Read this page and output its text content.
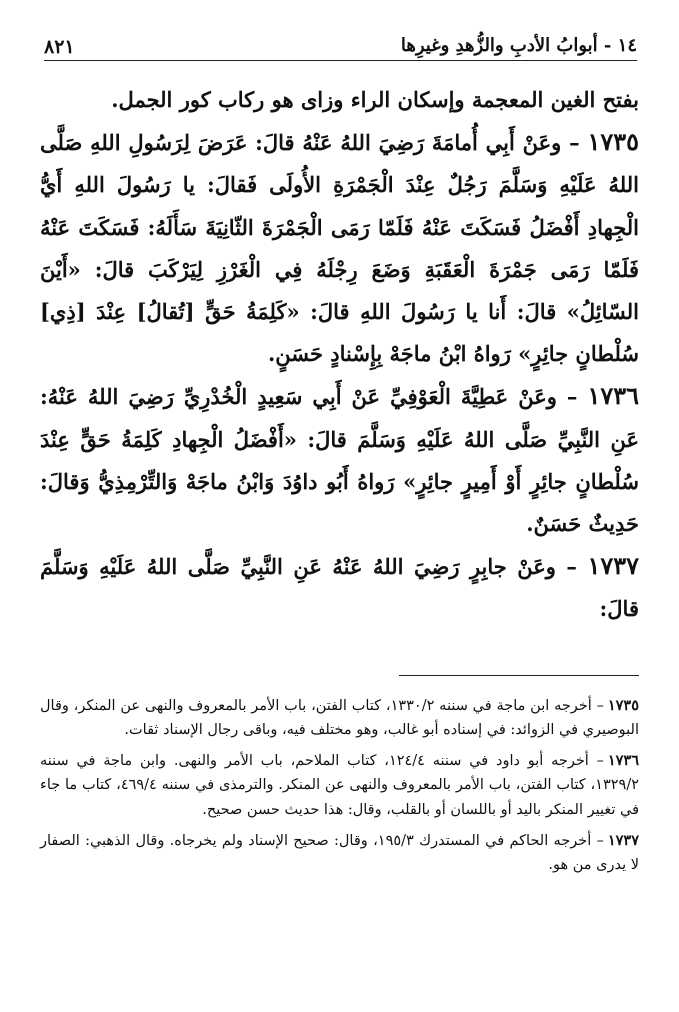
٨٢١	١٤ - أبوابُ الأدبِ والزُّهدِ وغيرِها

بفتح الغين المعجمة وإسكان الراء وزاى هو ركاب كور الجمل.

١٧٣٥ – وعَنْ أَبِي أُمامَةَ رَضِيَ اللهُ عَنْهُ قالَ: عَرَضَ لِرَسُولِ اللهِ صَلَّى اللهُ عَلَيْهِ وَسَلَّمَ رَجُلٌ عِنْدَ الْجَمْرَةِ الأُولَى فَقالَ: يا رَسُولَ اللهِ أَيُّ الْجِهادِ أَفْضَلُ فَسَكَتَ عَنْهُ فَلَمّا رَمَى الْجَمْرَةَ الثّانِيَةَ سَأَلَهُ: فَسَكَتَ عَنْهُ فَلَمّا رَمَى جَمْرَةَ الْعَقَبَةِ وَضَعَ رِجْلَهُ فِي الْغَرْزِ لِيَرْكَبَ قالَ: «أَيْنَ السّائِلُ» قالَ: أَنا يا رَسُولَ اللهِ قالَ: «كَلِمَةُ حَقٍّ [تُقالُ] عِنْدَ [ذِي] سُلْطانٍ جائِرٍ» رَواهُ ابْنُ ماجَهْ بِإِسْنادٍ حَسَنٍ.

١٧٣٦ – وعَنْ عَطِيَّةَ الْعَوْفِيِّ عَنْ أَبِي سَعِيدٍ الْخُدْرِيِّ رَضِيَ اللهُ عَنْهُ: عَنِ النَّبِيِّ صَلَّى اللهُ عَلَيْهِ وَسَلَّمَ قالَ: «أَفْضَلُ الْجِهادِ كَلِمَةُ حَقٍّ عِنْدَ سُلْطانٍ جائِرٍ أَوْ أَمِيرٍ جائِرٍ» رَواهُ أَبُو داوُدَ وَابْنُ ماجَهْ وَالتِّرْمِذِيُّ وَقالَ: حَدِيثٌ حَسَنٌ.

١٧٣٧ – وعَنْ جابِرٍ رَضِيَ اللهُ عَنْهُ عَنِ النَّبِيِّ صَلَّى اللهُ عَلَيْهِ وَسَلَّمَ قالَ:

١٧٣٥– أخرجه ابن ماجة في سننه ١٣٣٠/٢، كتاب الفتن، باب الأمر بالمعروف والنهى عن المنكر، وقال البوصيري في الزوائد: في إسناده أبو غالب، وهو مختلف فيه، وباقى رجال الإسناد ثقات.

١٧٣٦– أخرجه أبو داود في سننه ١٢٤/٤، كتاب الملاحم، باب الأمر والنهى. وابن ماجة في سننه ١٣٢٩/٢، كتاب الفتن، باب الأمر بالمعروف والنهى عن المنكر. والترمذى في سننه ٤٦٩/٤، كتاب ما جاء في تغيير المنكر باليد أو باللسان أو بالقلب، وقال: هذا حديث حسن صحيح.

١٧٣٧– أخرجه الحاكم في المستدرك ١٩٥/٣، وقال: صحيح الإسناد ولم يخرجاه. وقال الذهبي: الصفار لا يدرى من هو.
